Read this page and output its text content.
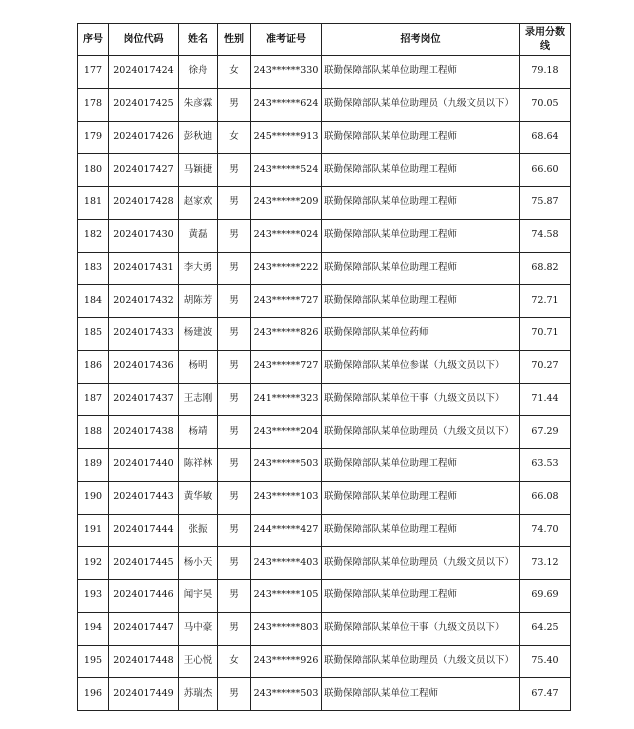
序号	岗位代码	姓名	性别	准考证号	招考岗位	录用分数线
177	2024017424	徐舟	女	243******330	联勤保障部队某单位助理工程师	79.18
178	2024017425	朱彦霖	男	243******624	联勤保障部队某单位助理员（九级文员以下）	70.05
179	2024017426	彭秋迪	女	245******913	联勤保障部队某单位助理工程师	68.64
180	2024017427	马颖捷	男	243******524	联勤保障部队某单位助理工程师	66.60
181	2024017428	赵家欢	男	243******209	联勤保障部队某单位助理工程师	75.87
182	2024017430	黄磊	男	243******024	联勤保障部队某单位助理工程师	74.58
183	2024017431	李大勇	男	243******222	联勤保障部队某单位助理工程师	68.82
184	2024017432	胡陈芳	男	243******727	联勤保障部队某单位助理工程师	72.71
185	2024017433	杨建波	男	243******826	联勤保障部队某单位药师	70.71
186	2024017436	杨明	男	243******727	联勤保障部队某单位参谋（九级文员以下）	70.27
187	2024017437	王志刚	男	241******323	联勤保障部队某单位干事（九级文员以下）	71.44
188	2024017438	杨靖	男	243******204	联勤保障部队某单位助理员（九级文员以下）	67.29
189	2024017440	陈祥林	男	243******503	联勤保障部队某单位助理工程师	63.53
190	2024017443	黄华敏	男	243******103	联勤保障部队某单位助理工程师	66.08
191	2024017444	张振	男	244******427	联勤保障部队某单位助理工程师	74.70
192	2024017445	杨小天	男	243******403	联勤保障部队某单位助理员（九级文员以下）	73.12
193	2024017446	闻宇昊	男	243******105	联勤保障部队某单位助理工程师	69.69
194	2024017447	马中豪	男	243******803	联勤保障部队某单位干事（九级文员以下）	64.25
195	2024017448	王心悦	女	243******926	联勤保障部队某单位助理员（九级文员以下）	75.40
196	2024017449	苏瑞杰	男	243******503	联勤保障部队某单位工程师	67.47
